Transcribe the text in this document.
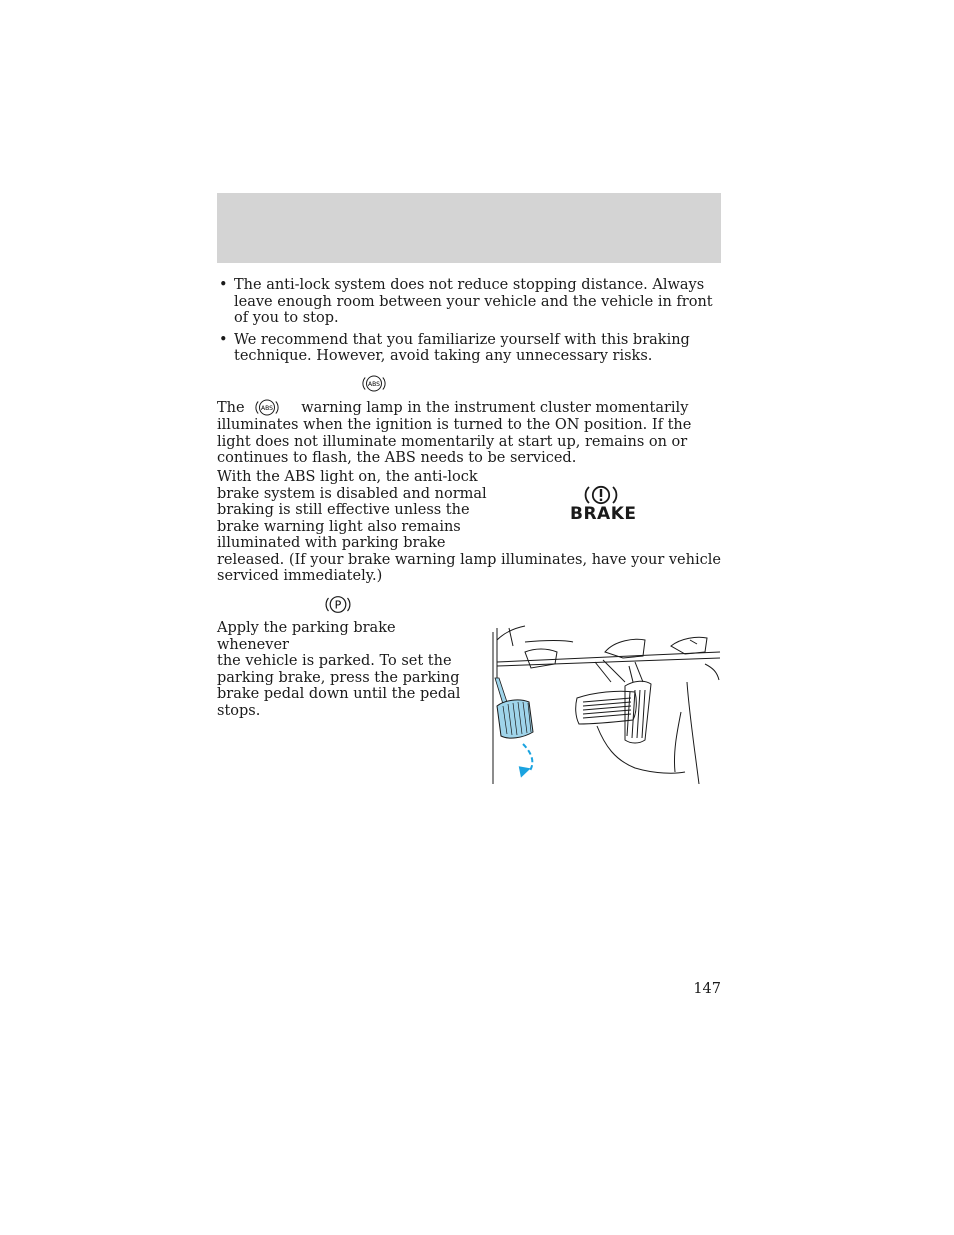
• The anti-lock system does not reduce stopping distance. Always leave enough room between your vehicle and the vehicle in front of you to stop.
• We recommend that you familiarize yourself with this braking technique. However, avoid taking any unnecessary risks.
ABS
The	ABS warning lamp in the instrument cluster momentarily illuminates when the ignition is turned to the ON position. If the light does not illuminate momentarily at start up, remains on or continues to flash, the ABS needs to be serviced.
With the ABS light on, the anti-lock
brake system is disabled and normal
braking is still effective unless the
brake warning light also remains
illuminated with parking brake
released. (If your brake warning lamp illuminates, have your vehicle
serviced immediately.)
BRAKE
P
Apply the parking brake whenever
the vehicle is parked. To set the
parking brake, press the parking
brake pedal down until the pedal
stops.
147
